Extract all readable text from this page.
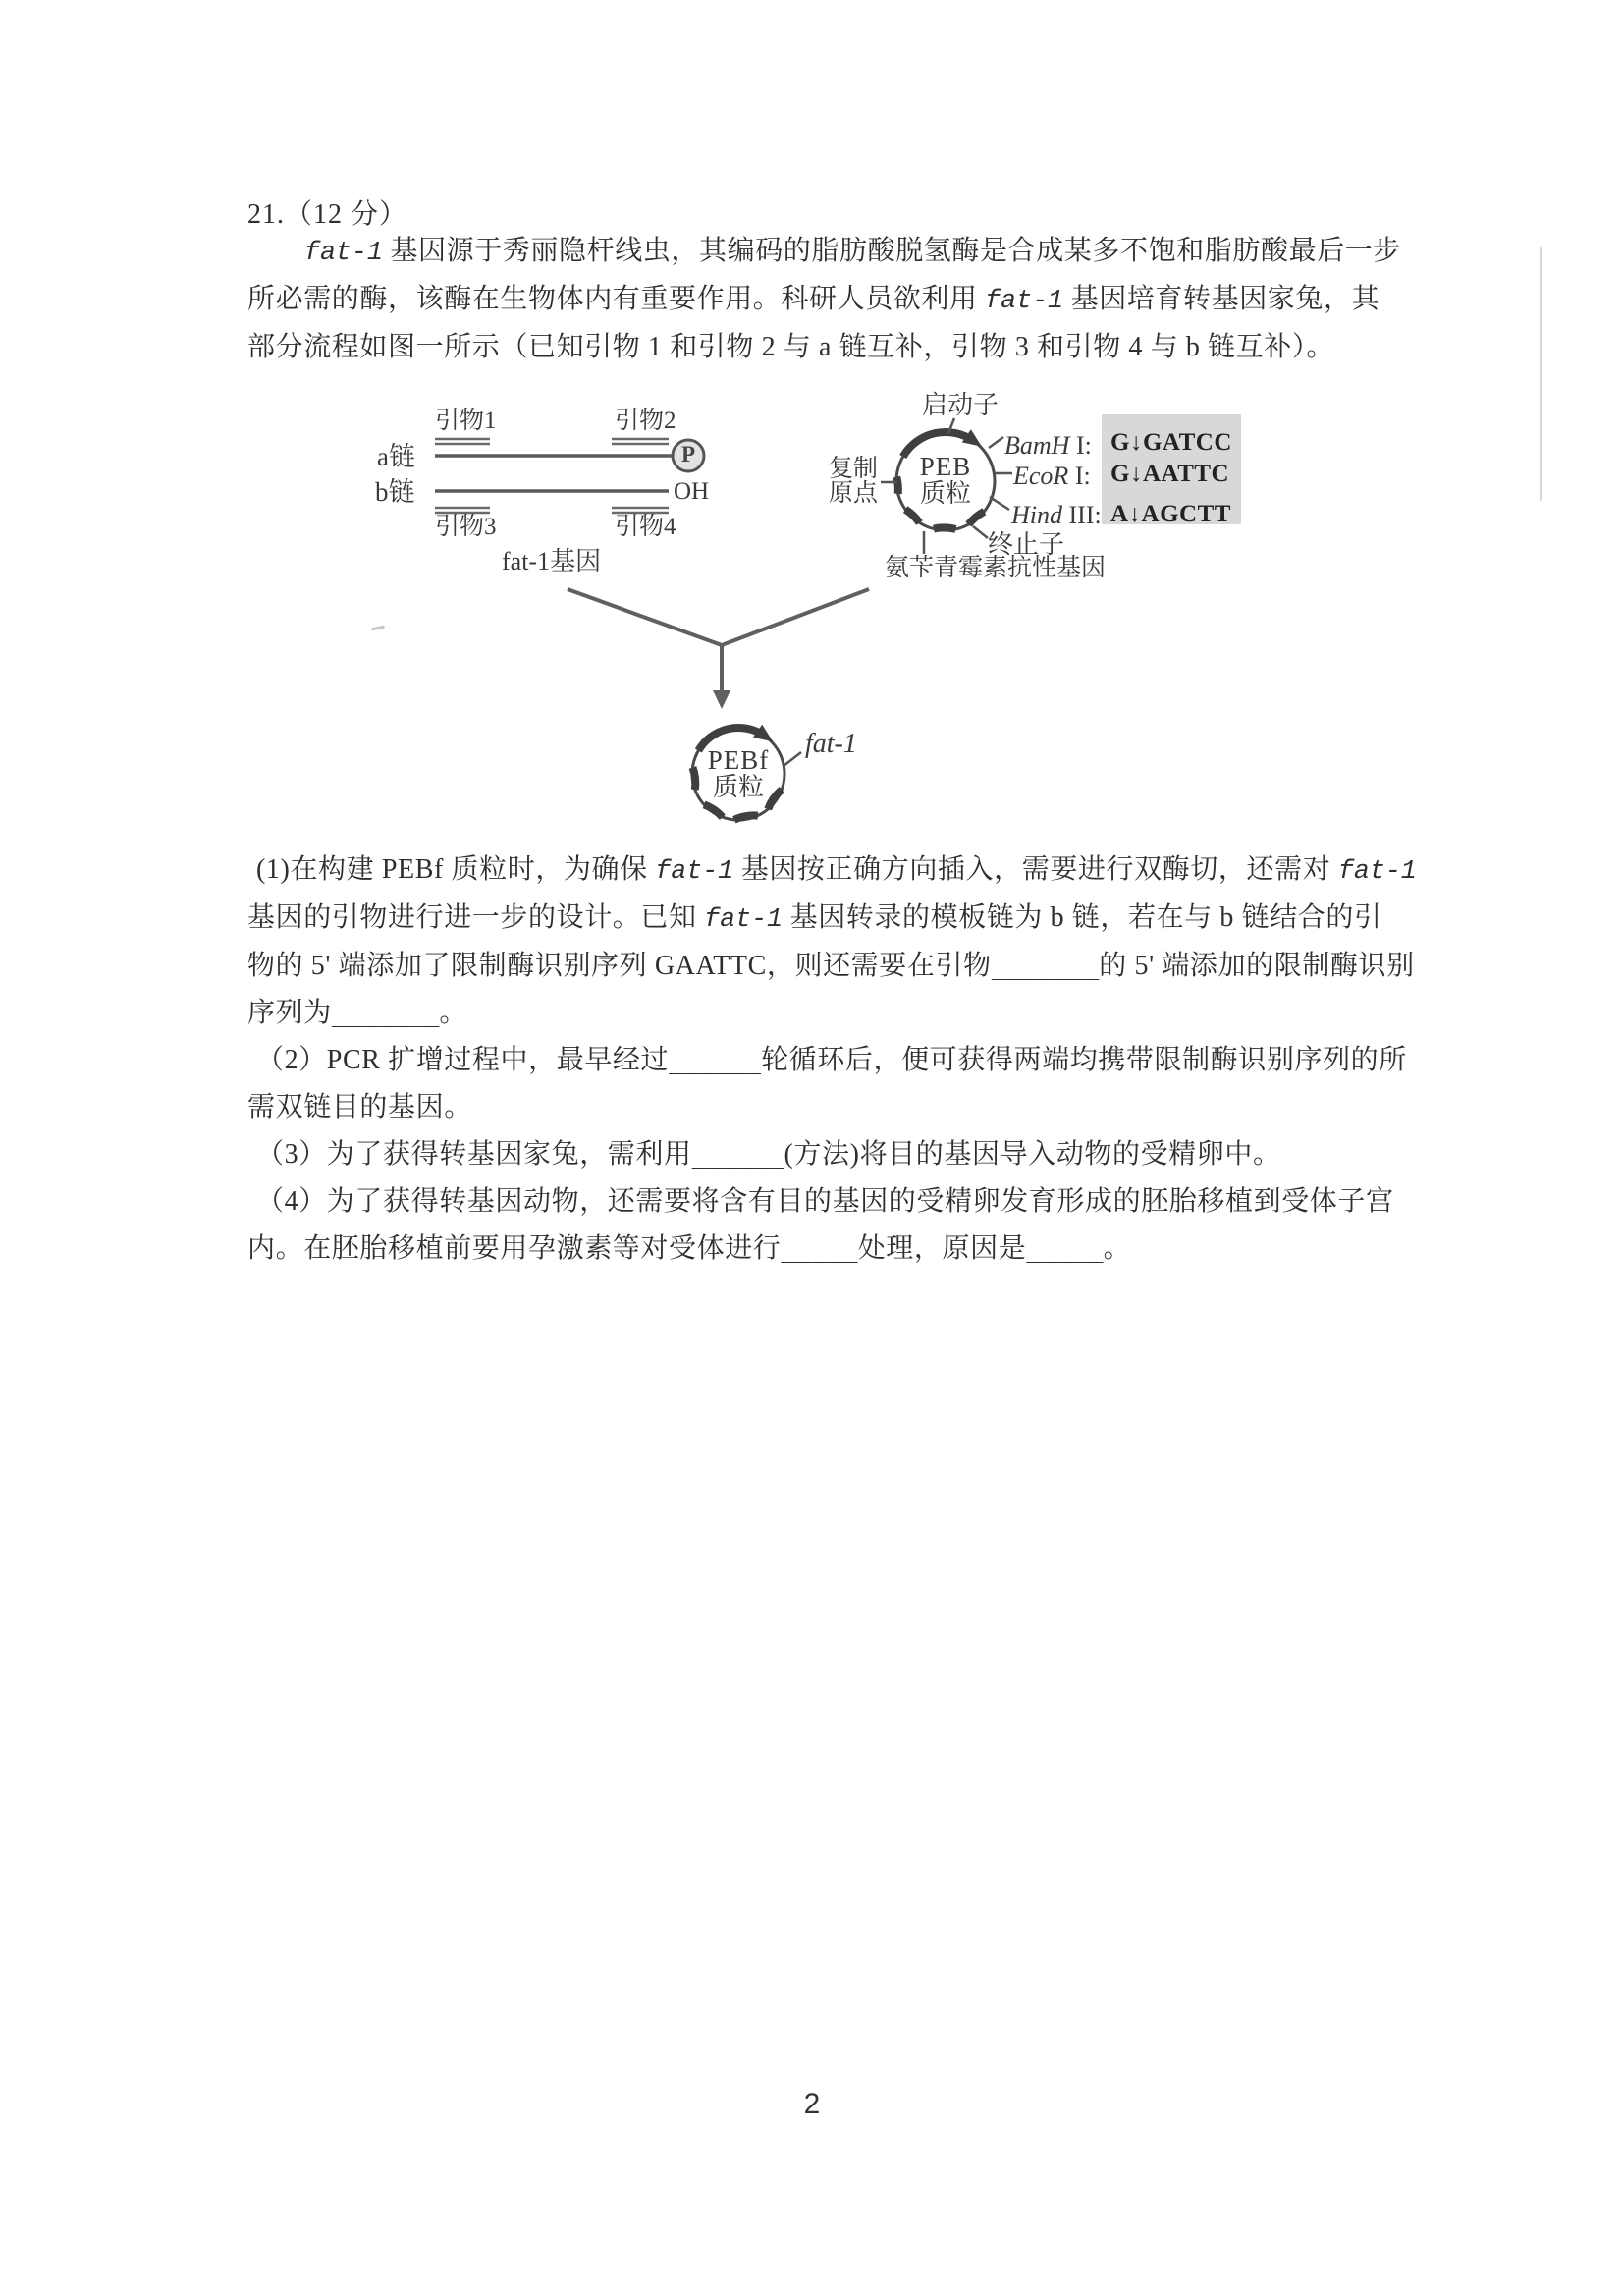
21.（12 分）
fat-1 基因源于秀丽隐杆线虫，其编码的脂肪酸脱氢酶是合成某多不饱和脂肪酸最后一步
所必需的酶，该酶在生物体内有重要作用。科研人员欲利用 fat-1 基因培育转基因家兔，其
部分流程如图一所示（已知引物 1 和引物 2 与 a 链互补，引物 3 和引物 4 与 b 链互补）。
引物1	引物2
a链
b链
P
OH
引物3	引物4
fat-1基因
启动子
复制
原点
PEB
质粒
BamH I:
EcoR I:
Hind III:
终止子
氨苄青霉素抗性基因
G↓GATCC
G↓AATTC
A↓AGCTT
PEBf
质粒
fat-1
(1)在构建 PEBf 质粒时，为确保 fat-1 基因按正确方向插入，需要进行双酶切，还需对 fat-1
基因的引物进行进一步的设计。已知 fat-1 基因转录的模板链为 b 链，若在与 b 链结合的引
物的 5' 端添加了限制酶识别序列 GAATTC，则还需要在引物_______的 5' 端添加的限制酶识别
序列为_______。
（2）PCR 扩增过程中，最早经过______轮循环后，便可获得两端均携带限制酶识别序列的所
需双链目的基因。
（3）为了获得转基因家兔，需利用______(方法)将目的基因导入动物的受精卵中。
（4）为了获得转基因动物，还需要将含有目的基因的受精卵发育形成的胚胎移植到受体子宫
内。在胚胎移植前要用孕激素等对受体进行_____处理，原因是_____。
2
